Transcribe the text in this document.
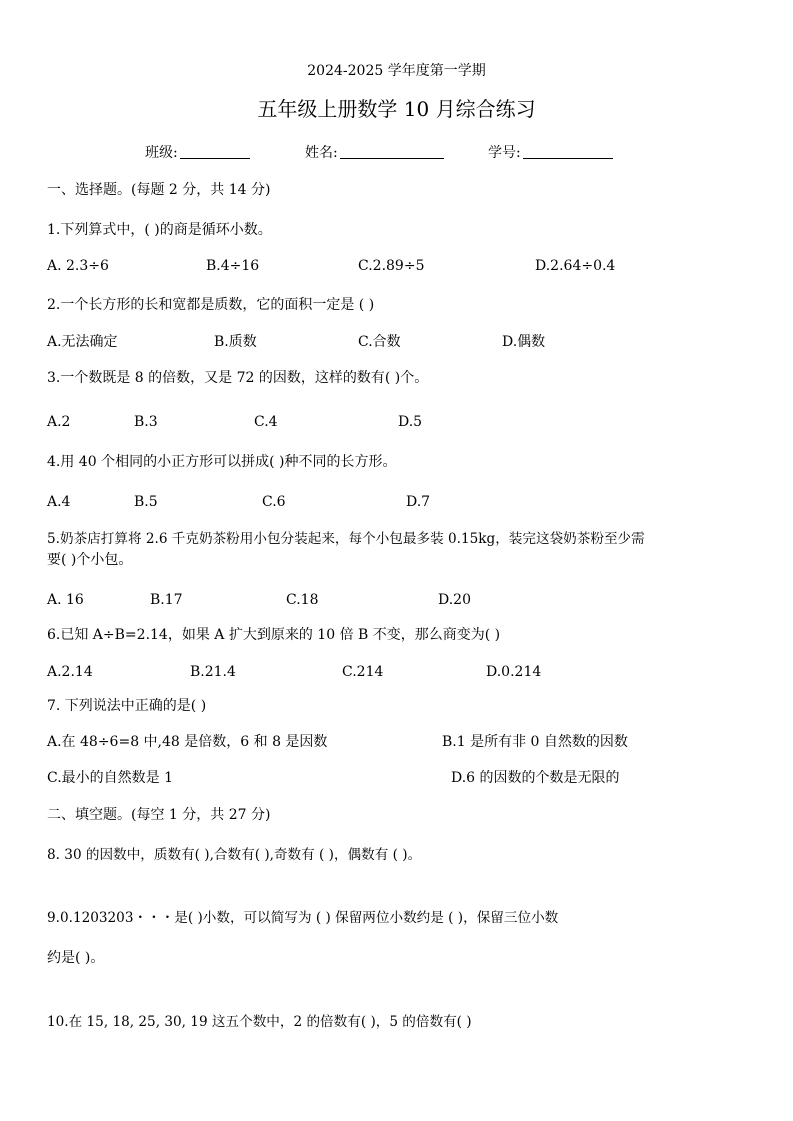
2024-2025 学年度第一学期
五年级上册数学 10 月综合练习
班级:	姓名:	学号:
一、选择题。(每题 2 分，共 14 分)
1.下列算式中，( )的商是循环小数。
A. 2.3÷6	B.4÷16	C.2.89÷5	D.2.64÷0.4
2.一个长方形的长和宽都是质数，它的面积一定是 ( )
A.无法确定	B.质数	C.合数	D.偶数
3.一个数既是 8 的倍数，又是 72 的因数，这样的数有( )个。
A.2	B.3	C.4	D.5
4.用 40 个相同的小正方形可以拼成( )种不同的长方形。
A.4	B.5	C.6	D.7
5.奶茶店打算将 2.6 千克奶茶粉用小包分装起来，每个小包最多装 0.15kg，装完这袋奶茶粉至少需
要( )个小包。
A. 16	B.17	C.18	D.20
6.已知 A÷B=2.14，如果 A 扩大到原来的 10 倍 B 不变，那么商变为( )
A.2.14	B.21.4	C.214	D.0.214
7. 下列说法中正确的是( )
A.在 48÷6=8 中,48 是倍数，6 和 8 是因数	B.1 是所有非 0 自然数的因数
C.最小的自然数是 1	D.6 的因数的个数是无限的
二、填空题。(每空 1 分，共 27 分)
8. 30 的因数中，质数有( ),合数有( ),奇数有 ( )，偶数有 ( )。
9.0.1203203・・・是( )小数，可以简写为 ( ) 保留两位小数约是 ( )，保留三位小数
约是( )。
10.在 15, 18, 25, 30, 19 这五个数中，2 的倍数有( )，5 的倍数有( )
